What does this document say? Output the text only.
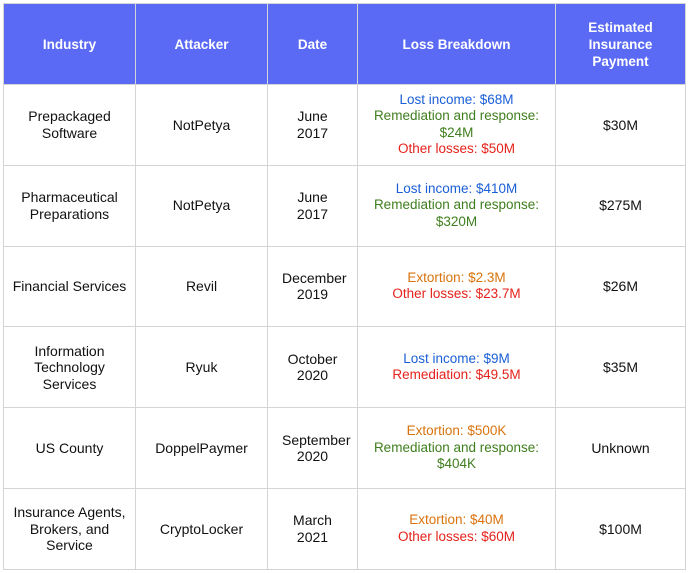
Industry	Attacker	Date	Loss Breakdown	Estimated Insurance Payment
Prepackaged Software	NotPetya	June 2017	Lost income: $68M
Remediation and response: $24M
Other losses: $50M	$30M
Pharmaceutical Preparations	NotPetya	June 2017	Lost income: $410M
Remediation and response: $320M	$275M
Financial Services	Revil	December 2019	Extortion: $2.3M
Other losses: $23.7M	$26M
Information Technology Services	Ryuk	October 2020	Lost income: $9M
Remediation: $49.5M	$35M
US County	DoppelPaymer	September 2020	Extortion: $500K
Remediation and response: $404K	Unknown
Insurance Agents, Brokers, and Service	CryptoLocker	March 2021	Extortion: $40M
Other losses: $60M	$100M
